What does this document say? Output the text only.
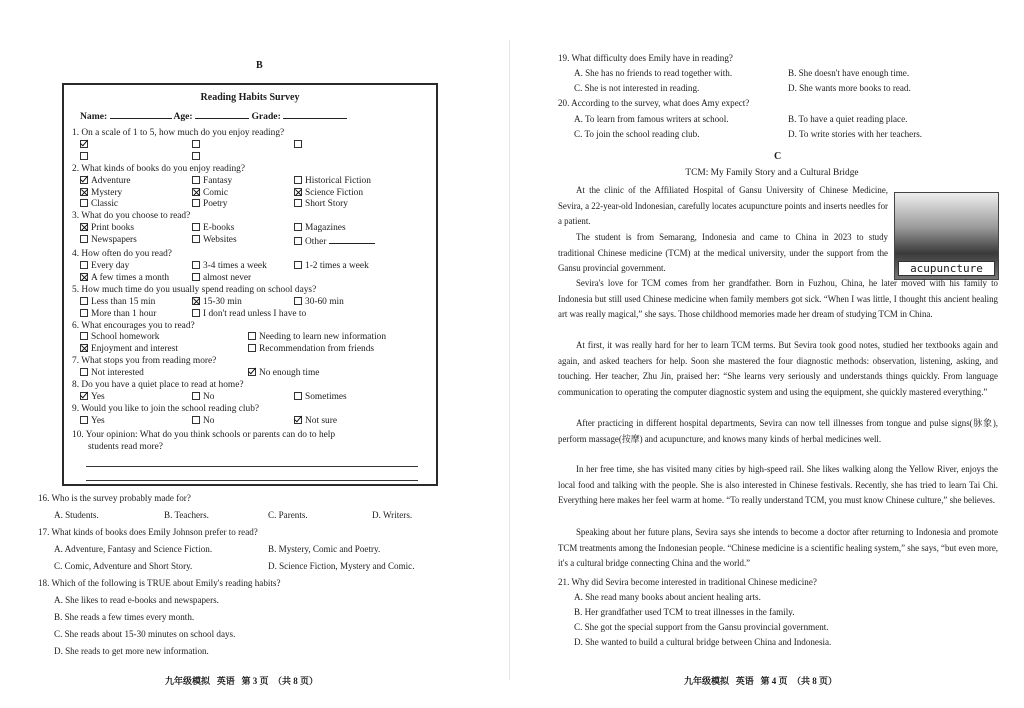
B
Reading Habits Survey
Name:	Age:	Grade:
1. On a scale of 1 to 5, how much do you enjoy reading?
2. What kinds of books do you enjoy reading?
Adventure	Fantasy	Historical Fiction
Mystery	Comic	Science Fiction
Classic	Poetry	Short Story
3. What do you choose to read?
Print books	E-books	Magazines
Newspapers	Websites	Other
4. How often do you read?
Every day	3-4 times a week	1-2 times a week
A few times a month	almost never
5. How much time do you usually spend reading on school days?
Less than 15 min	15-30 min	30-60 min
More than 1 hour	I don't read unless I have to
6. What encourages you to read?
School homework	Needing to learn new information
Enjoyment and interest	Recommendation from friends
7. What stops you from reading more?
Not interested	No enough time
8. Do you have a quiet place to read at home?
Yes	No	Sometimes
9. Would you like to join the school reading club?
Yes	No	Not sure
10. Your opinion: What do you think schools or parents can do to help
students read more?
16. Who is the survey probably made for?
A. Students.	B. Teachers.	C. Parents.	D. Writers.
17. What kinds of books does Emily Johnson prefer to read?
A. Adventure, Fantasy and Science Fiction.	B. Mystery, Comic and Poetry.
C. Comic, Adventure and Short Story.	D. Science Fiction, Mystery and Comic.
18. Which of the following is TRUE about Emily's reading habits?
A. She likes to read e-books and newspapers.
B. She reads a few times every month.
C. She reads about 15-30 minutes on school days.
D. She reads to get more new information.
九年级模拟   英语   第 3 页  （共 8 页）
19. What difficulty does Emily have in reading?
A. She has no friends to read together with.	B. She doesn't have enough time.
C. She is not interested in reading.	D. She wants more books to read.
20. According to the survey, what does Amy expect?
A. To learn from famous writers at school.	B. To have a quiet reading place.
C. To join the school reading club.	D. To write stories with her teachers.
C
TCM: My Family Story and a Cultural Bridge
acupuncture

At the clinic of the Affiliated Hospital of Gansu University of Chinese Medicine, Sevira, a 22-year-old Indonesian, carefully locates acupuncture points and inserts needles for a patient.

The student is from Semarang, Indonesia and came to China in 2023 to study traditional Chinese medicine (TCM) at the medical university, under the support from the Gansu provincial government.

Sevira's love for TCM comes from her grandfather. Born in Fuzhou, China, he later moved with his family to Indonesia but still used Chinese medicine when family members got sick. “When I was little, I thought this ancient healing art was really magical,” she says. Those childhood memories made her dream of studying TCM in China.

At first, it was really hard for her to learn TCM terms. But Sevira took good notes, studied her textbooks again and again, and asked teachers for help. Soon she mastered the four diagnostic methods: observation, listening, asking, and touching. Her teacher, Zhu Jin, praised her: “She learns very seriously and understands things quickly. From language communication to operating the computer diagnostic system and using the equipment, she quickly mastered everything.”

After practicing in different hospital departments, Sevira can now tell illnesses from tongue and pulse signs(脉象), perform massage(按摩) and acupuncture, and knows many kinds of herbal medicines well.

In her free time, she has visited many cities by high-speed rail. She likes walking along the Yellow River, enjoys the local food and talking with the people. She is also interested in Chinese festivals. Recently, she has tried to learn Tai Chi. Everything here makes her feel warm at home. “To really understand TCM, you must know Chinese culture,” she believes.

Speaking about her future plans, Sevira says she intends to become a doctor after returning to Indonesia and promote TCM treatments among the Indonesian people. “Chinese medicine is a scientific healing system,” she says, “but even more, it's a cultural bridge connecting China and the world.”

21. Why did Sevira become interested in traditional Chinese medicine?
A. She read many books about ancient healing arts.
B. Her grandfather used TCM to treat illnesses in the family.
C. She got the special support from the Gansu provincial government.
D. She wanted to build a cultural bridge between China and Indonesia.
九年级模拟   英语   第 4 页  （共 8 页）
